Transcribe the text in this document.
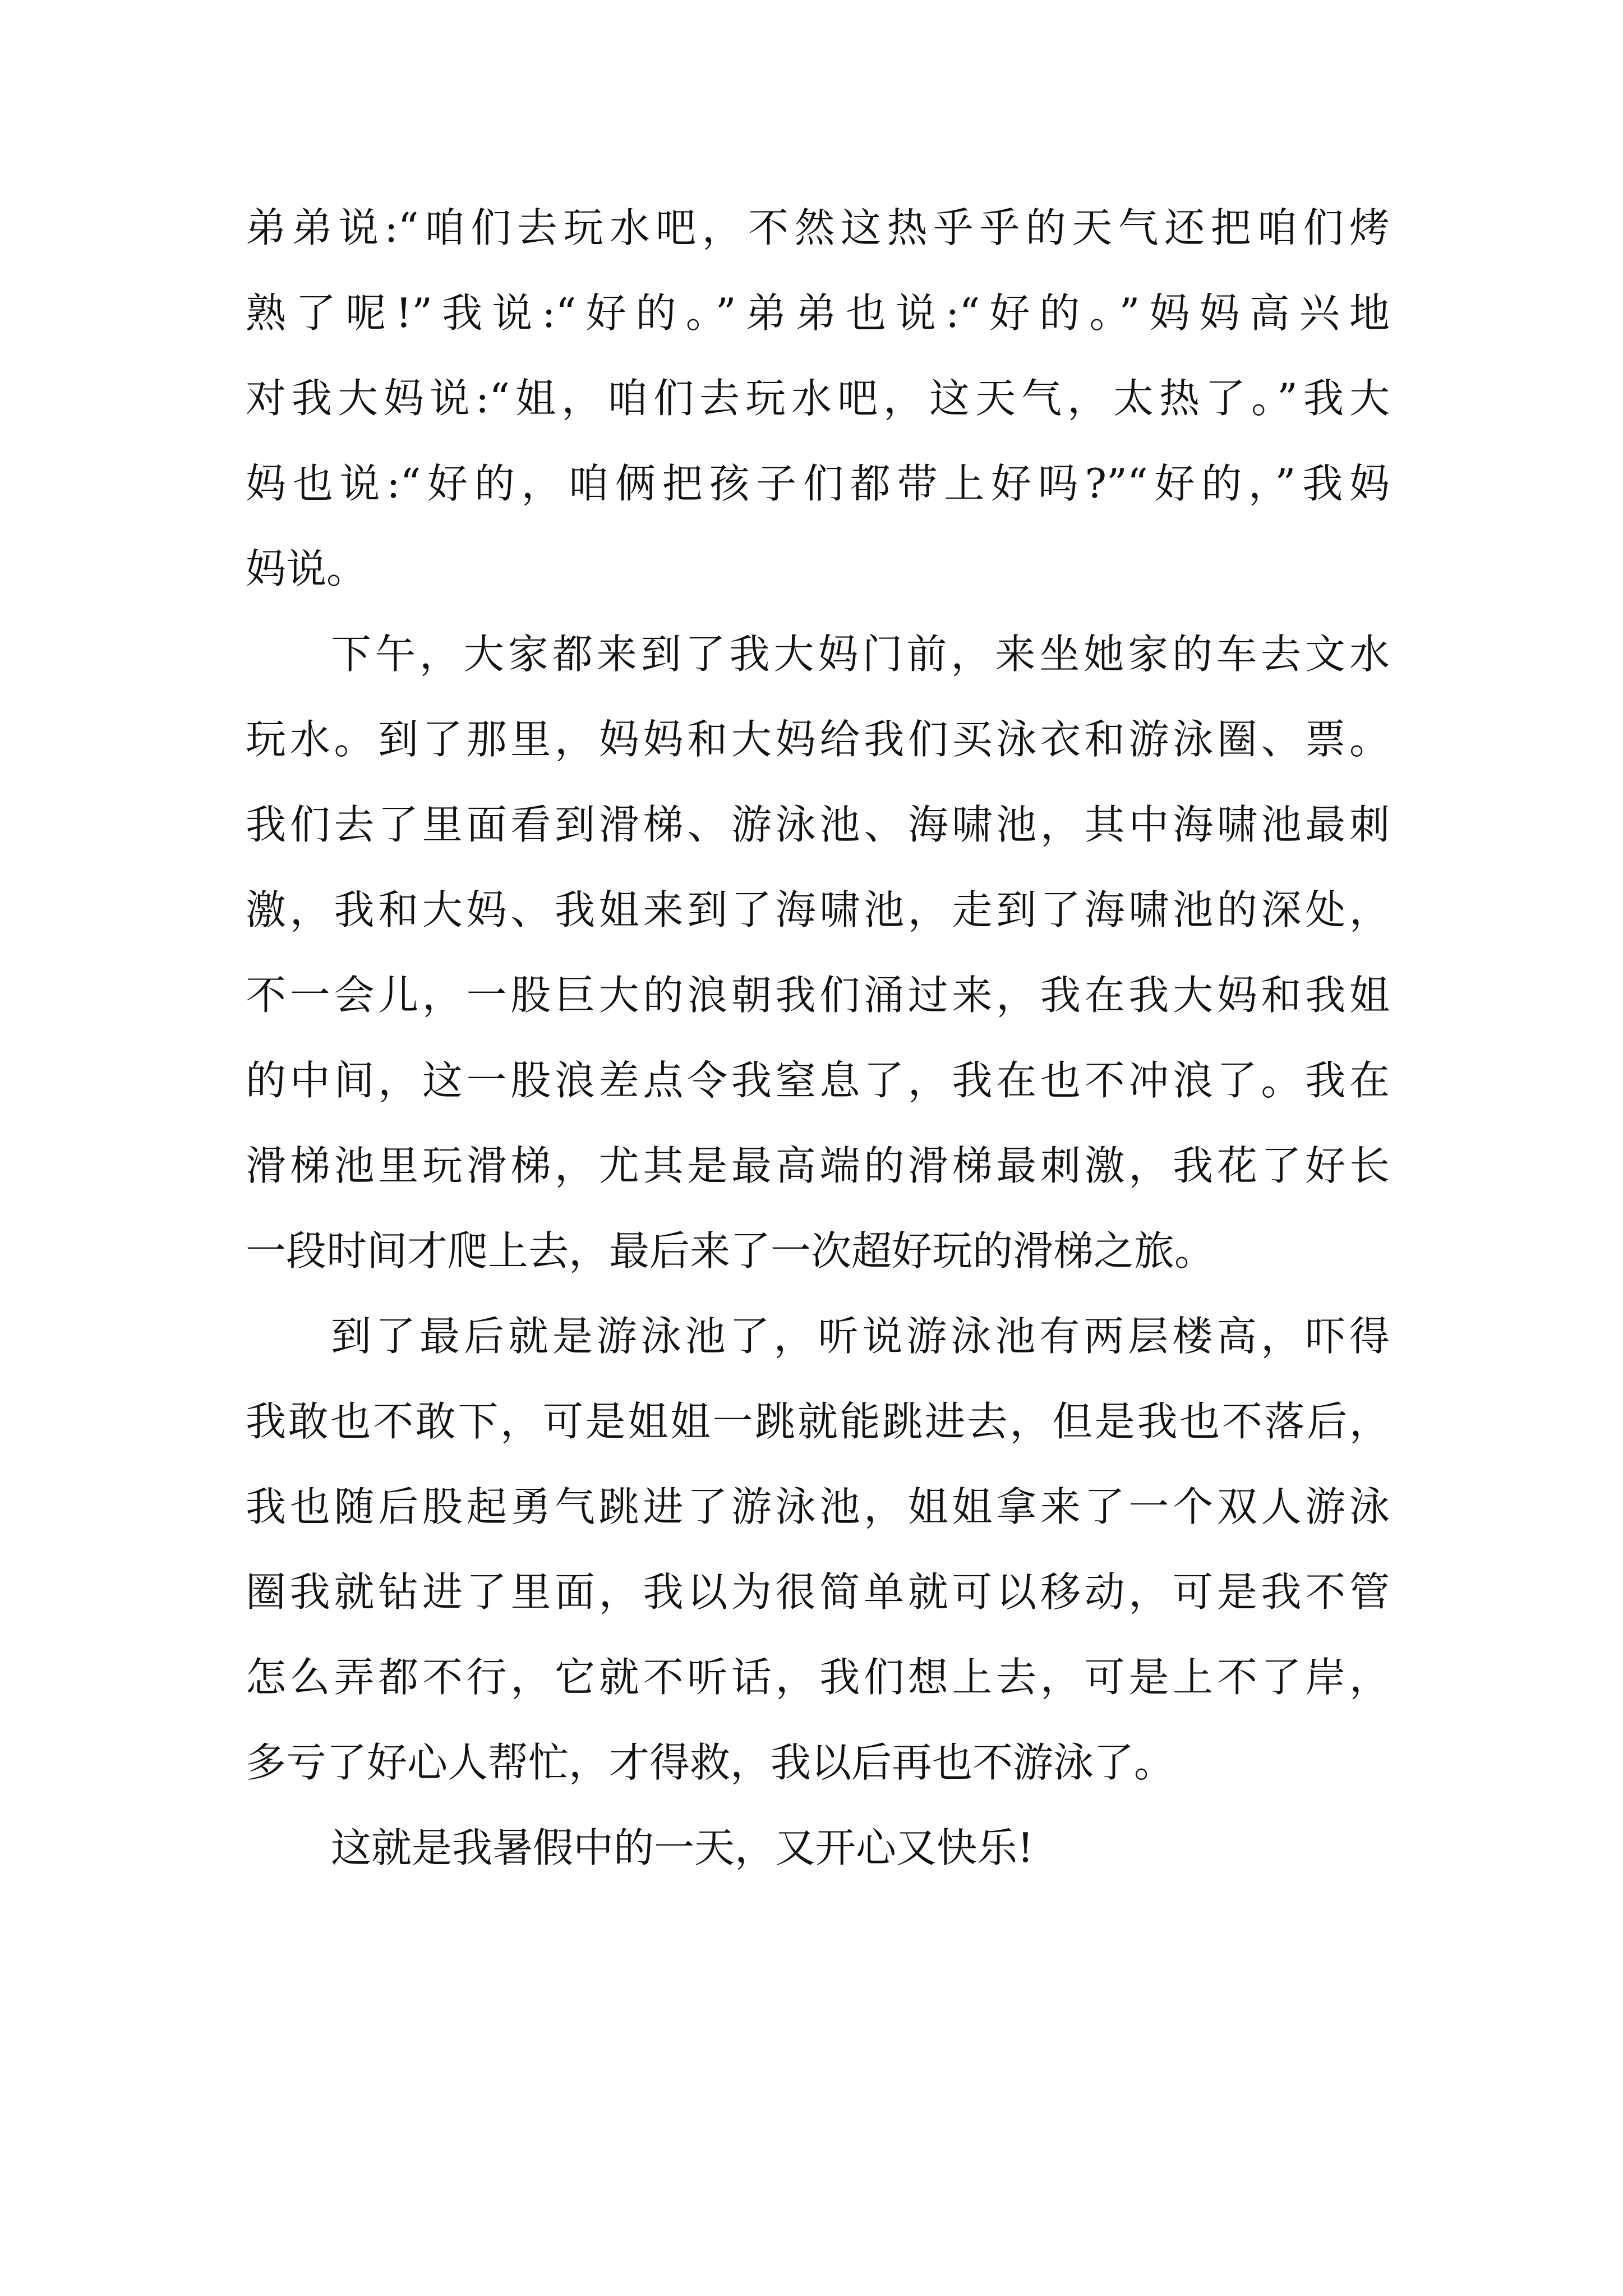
弟弟说:“咱们去玩水吧，不然这热乎乎的天气还把咱们烤
熟了呢!”我说:“好的。”弟弟也说:“好的。”妈妈高兴地
对我大妈说:“姐，咱们去玩水吧，这天气，太热了。”我大
妈也说:“好的，咱俩把孩子们都带上好吗?”“好的，”我妈
妈说。
下午，大家都来到了我大妈门前，来坐她家的车去文水
玩水。到了那里，妈妈和大妈给我们买泳衣和游泳圈、票。
我们去了里面看到滑梯、游泳池、海啸池，其中海啸池最刺
激，我和大妈、我姐来到了海啸池，走到了海啸池的深处，
不一会儿，一股巨大的浪朝我们涌过来，我在我大妈和我姐
的中间，这一股浪差点令我窒息了，我在也不冲浪了。我在
滑梯池里玩滑梯，尤其是最高端的滑梯最刺激，我花了好长
一段时间才爬上去，最后来了一次超好玩的滑梯之旅。
到了最后就是游泳池了，听说游泳池有两层楼高，吓得
我敢也不敢下，可是姐姐一跳就能跳进去，但是我也不落后，
我也随后股起勇气跳进了游泳池，姐姐拿来了一个双人游泳
圈我就钻进了里面，我以为很简单就可以移动，可是我不管
怎么弄都不行，它就不听话，我们想上去，可是上不了岸，
多亏了好心人帮忙，才得救，我以后再也不游泳了。
这就是我暑假中的一天，又开心又快乐!
